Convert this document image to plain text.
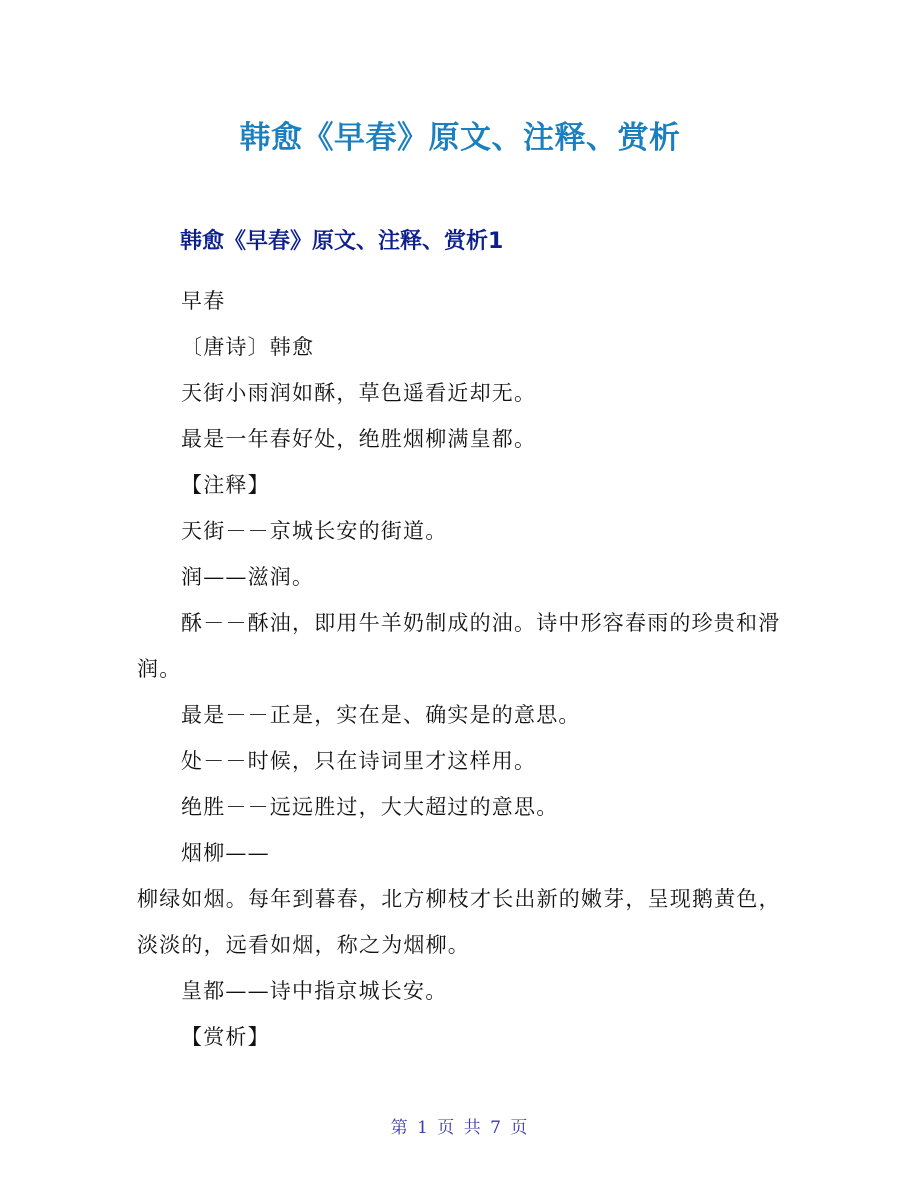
韩愈《早春》原文、注释、赏析
韩愈《早春》原文、注释、赏析1

早春

〔唐诗〕韩愈

天街小雨润如酥，草色遥看近却无。

最是一年春好处，绝胜烟柳满皇都。

【注释】

天街－－京城长安的街道。

润——滋润。

酥－－酥油，即用牛羊奶制成的油。诗中形容春雨的珍贵和滑润。

最是－－正是，实在是、确实是的意思。

处－－时候，只在诗词里才这样用。

绝胜－－远远胜过，大大超过的意思。

烟柳——

柳绿如烟。每年到暮春，北方柳枝才长出新的嫩芽，呈现鹅黄色，淡淡的，远看如烟，称之为烟柳。

皇都——诗中指京城长安。

【赏析】

第 1 页 共 7 页
